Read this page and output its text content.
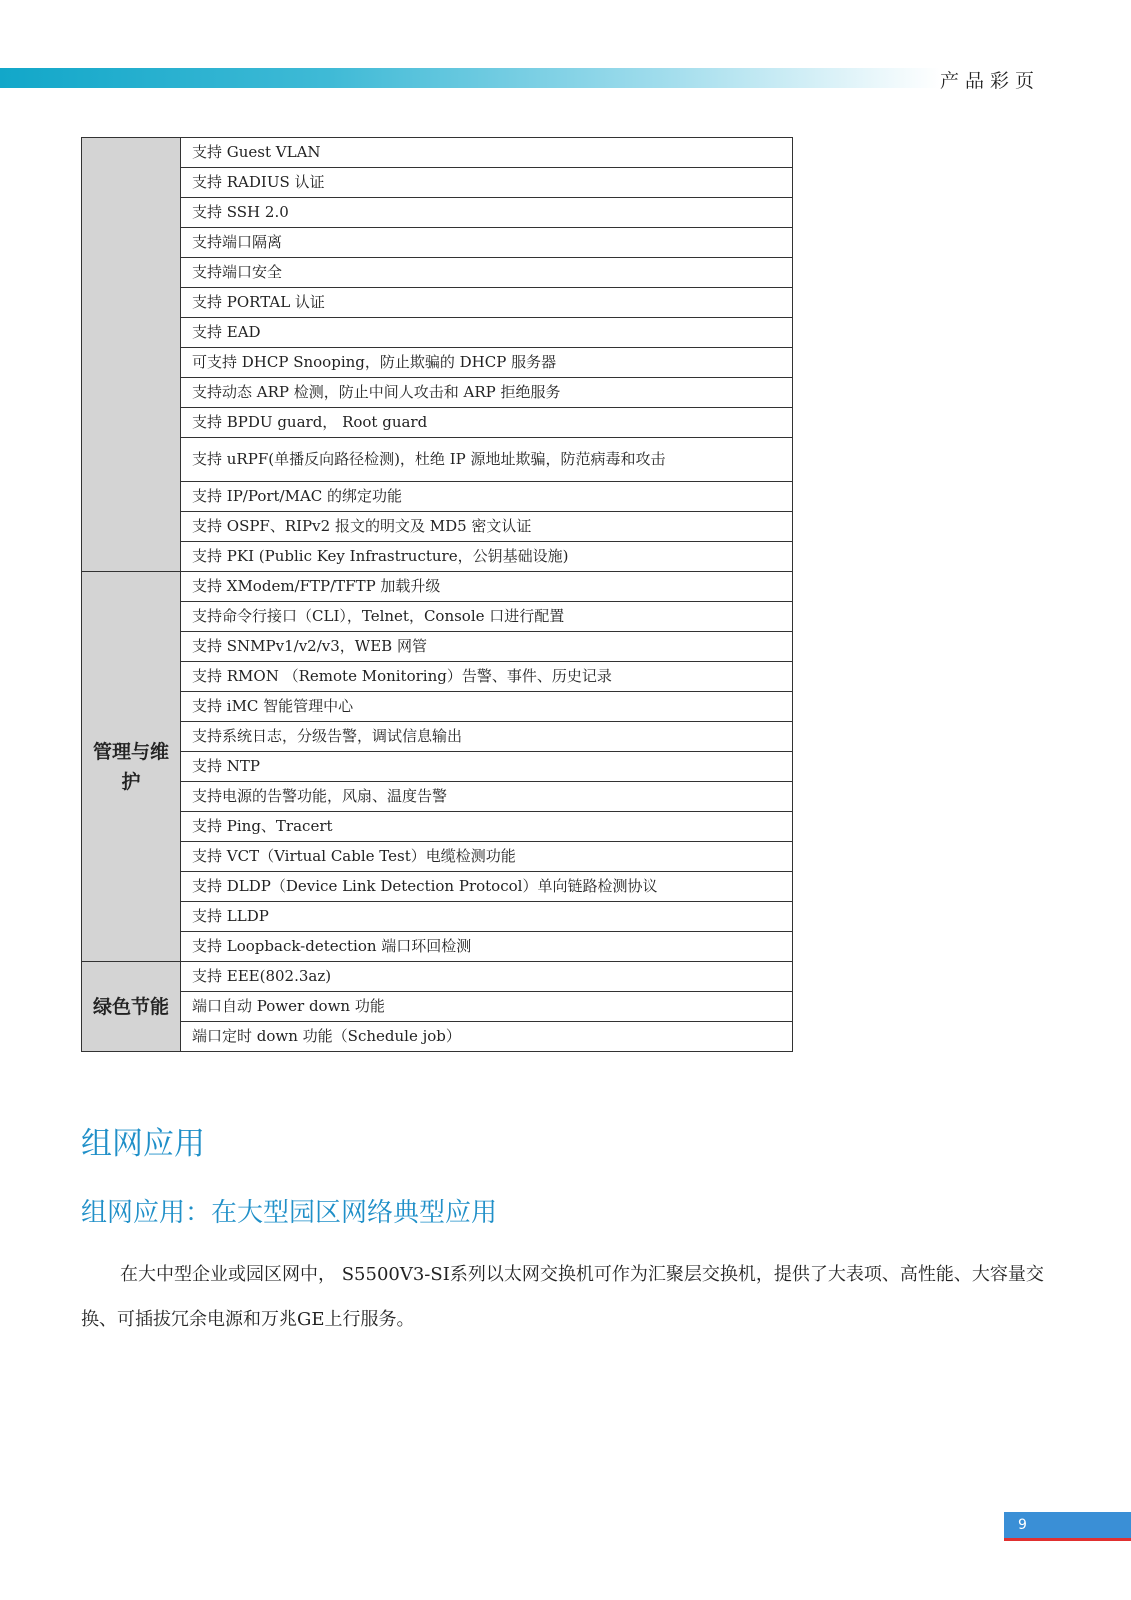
产品彩页
	支持 Guest VLAN
	支持 RADIUS 认证
	支持 SSH 2.0
	支持端口隔离
	支持端口安全
	支持 PORTAL 认证
	支持 EAD
	可支持 DHCP Snooping，防止欺骗的 DHCP 服务器
	支持动态 ARP 检测，防止中间人攻击和 ARP 拒绝服务
	支持 BPDU guard， Root guard
	支持 uRPF(单播反向路径检测)，杜绝 IP 源地址欺骗，防范病毒和攻击
	支持 IP/Port/MAC 的绑定功能
	支持 OSPF、RIPv2 报文的明文及 MD5 密文认证
	支持 PKI (Public Key Infrastructure，公钥基础设施)
管理与维护	支持 XModem/FTP/TFTP 加载升级
	支持命令行接口（CLI），Telnet，Console 口进行配置
	支持 SNMPv1/v2/v3，WEB 网管
	支持 RMON （Remote Monitoring）告警、事件、历史记录
	支持 iMC 智能管理中心
	支持系统日志，分级告警，调试信息输出
	支持 NTP
	支持电源的告警功能，风扇、温度告警
	支持 Ping、Tracert
	支持 VCT（Virtual Cable Test）电缆检测功能
	支持 DLDP（Device Link Detection Protocol）单向链路检测协议
	支持 LLDP
	支持 Loopback-detection 端口环回检测
绿色节能	支持 EEE(802.3az)
	端口自动 Power down 功能
	端口定时 down 功能（Schedule job）
组网应用
组网应用：在大型园区网络典型应用
在大中型企业或园区网中， S5500V3-SI系列以太网交换机可作为汇聚层交换机，提供了大表项、高性能、大容量交换、可插拔冗余电源和万兆GE上行服务。
9
